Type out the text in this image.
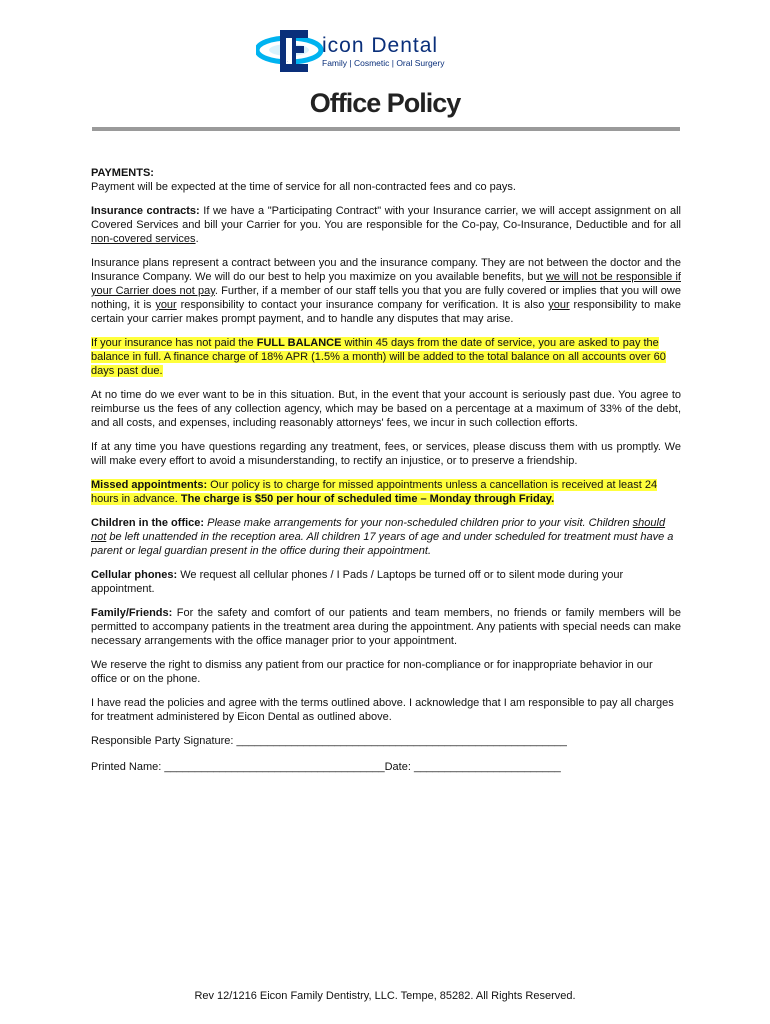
E
icon Dental
Family | Cosmetic | Oral Surgery
Office Policy

PAYMENTS:
Payment will be expected at the time of service for all non-contracted fees and co pays.

Insurance contracts: If we have a "Participating Contract" with your Insurance carrier, we will accept assignment on all Covered Services and bill your Carrier for you. You are responsible for the Co-pay, Co-Insurance, Deductible and for all non-covered services.

Insurance plans represent a contract between you and the insurance company. They are not between the doctor and the Insurance Company. We will do our best to help you maximize on you available benefits, but we will not be responsible if your Carrier does not pay. Further, if a member of our staff tells you that you are fully covered or implies that you will owe nothing, it is your responsibility to contact your insurance company for verification. It is also your responsibility to make certain your carrier makes prompt payment, and to handle any disputes that may arise.

If your insurance has not paid the FULL BALANCE within 45 days from the date of service, you are asked to pay the balance in full. A finance charge of 18% APR (1.5% a month) will be added to the total balance on all accounts over 60 days past due.

At no time do we ever want to be in this situation. But, in the event that your account is seriously past due. You agree to reimburse us the fees of any collection agency, which may be based on a percentage at a maximum of 33% of the debt, and all costs, and expenses, including reasonably attorneys' fees, we incur in such collection efforts.

If at any time you have questions regarding any treatment, fees, or services, please discuss them with us promptly. We will make every effort to avoid a misunderstanding, to rectify an injustice, or to preserve a friendship.

Missed appointments: Our policy is to charge for missed appointments unless a cancellation is received at least 24 hours in advance. The charge is $50 per hour of scheduled time – Monday through Friday.

Children in the office: Please make arrangements for your non-scheduled children prior to your visit. Children should not be left unattended in the reception area. All children 17 years of age and under scheduled for treatment must have a parent or legal guardian present in the office during their appointment.

Cellular phones: We request all cellular phones / I Pads / Laptops be turned off or to silent mode during your appointment.

Family/Friends: For the safety and comfort of our patients and team members, no friends or family members will be permitted to accompany patients in the treatment area during the appointment. Any patients with special needs can make necessary arrangements with the office manager prior to your appointment.

We reserve the right to dismiss any patient from our practice for non-compliance or for inappropriate behavior in our office or on the phone.

I have read the policies and agree with the terms outlined above. I acknowledge that I am responsible to pay all charges for treatment administered by Eicon Dental as outlined above.

Responsible Party Signature: ______________________________________________________
Printed Name: ____________________________________Date: ________________________
Rev 12/1216 Eicon Family Dentistry, LLC. Tempe, 85282. All Rights Reserved.
